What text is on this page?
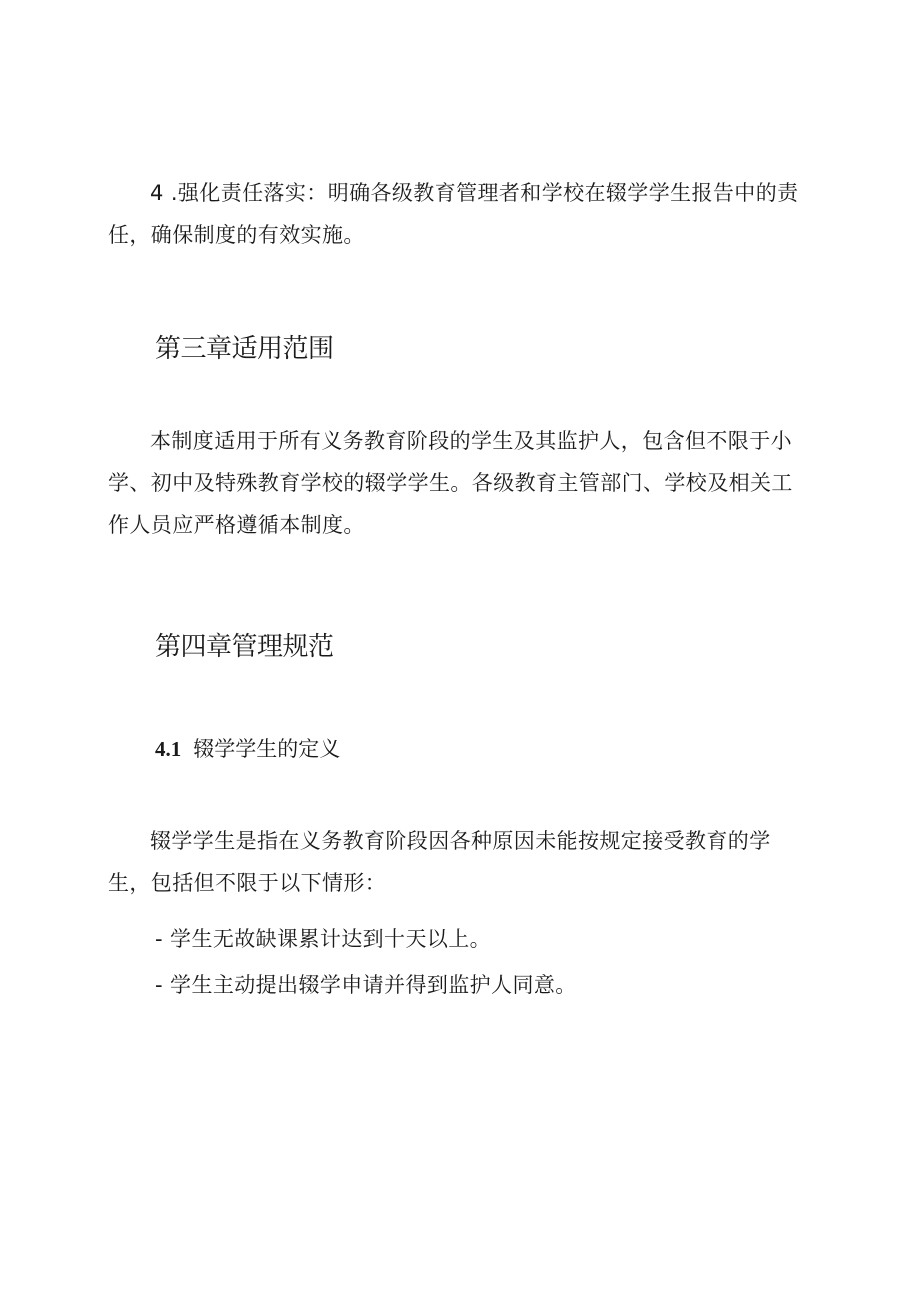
4 .强化责任落实：明确各级教育管理者和学校在辍学学生报告中的责任，确保制度的有效实施。

第三章适用范围

本制度适用于所有义务教育阶段的学生及其监护人，包含但不限于小学、初中及特殊教育学校的辍学学生。各级教育主管部门、学校及相关工作人员应严格遵循本制度。

第四章管理规范
4.1 辍学学生的定义

辍学学生是指在义务教育阶段因各种原因未能按规定接受教育的学生，包括但不限于以下情形：

- 学生无故缺课累计达到十天以上。

- 学生主动提出辍学申请并得到监护人同意。
